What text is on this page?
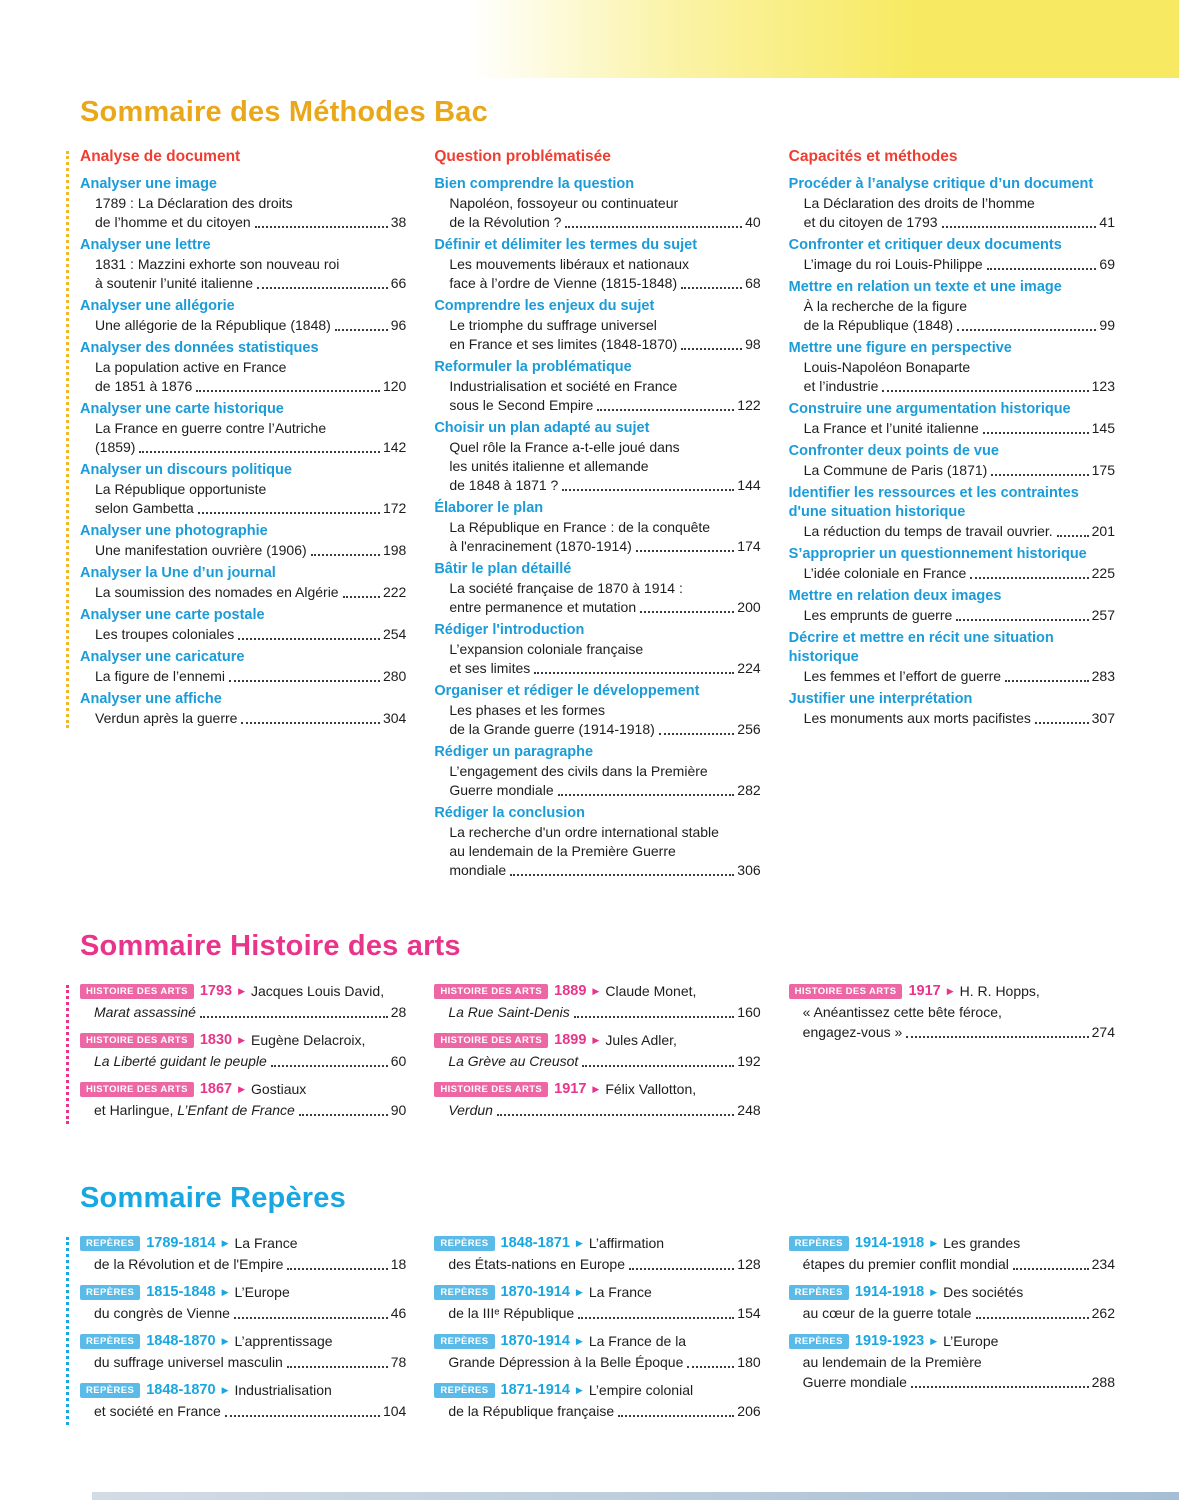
Sommaire des Méthodes Bac
Analyse de document
Analyser une image
1789 : La Déclaration des droits
de l’homme et du citoyen	38
Analyser une lettre
1831 : Mazzini exhorte son nouveau roi
à soutenir l’unité italienne	66
Analyser une allégorie
Une allégorie de la République (1848)	96
Analyser des données statistiques
La population active en France
de 1851 à 1876	120
Analyser une carte historique
La France en guerre contre l’Autriche
(1859)	142
Analyser un discours politique
La République opportuniste
selon Gambetta	172
Analyser une photographie
Une manifestation ouvrière (1906)	198
Analyser la Une d’un journal
La soumission des nomades en Algérie	222
Analyser une carte postale
Les troupes coloniales	254
Analyser une caricature
La figure de l’ennemi	280
Analyser une affiche
Verdun après la guerre	304
Question problématisée
Bien comprendre la question
Napoléon, fossoyeur ou continuateur
de la Révolution ?	40
Définir et délimiter les termes du sujet
Les mouvements libéraux et nationaux
face à l’ordre de Vienne (1815-1848)	68
Comprendre les enjeux du sujet
Le triomphe du suffrage universel
en France et ses limites (1848-1870)	98
Reformuler la problématique
Industrialisation et société en France
sous le Second Empire	122
Choisir un plan adapté au sujet
Quel rôle la France a-t-elle joué dans
les unités italienne et allemande
de 1848 à 1871 ?	144
Élaborer le plan
La République en France : de la conquête
à l'enracinement (1870-1914)	174
Bâtir le plan détaillé
La société française de 1870 à 1914 :
entre permanence et mutation	200
Rédiger l'introduction
L’expansion coloniale française
et ses limites	224
Organiser et rédiger le développement
Les phases et les formes
de la Grande guerre (1914-1918)	256
Rédiger un paragraphe
L’engagement des civils dans la Première
Guerre mondiale	282
Rédiger la conclusion
La recherche d'un ordre international stable
au lendemain de la Première Guerre
mondiale	306
Capacités et méthodes
Procéder à l’analyse critique d’un document
La Déclaration des droits de l’homme
et du citoyen de 1793	41
Confronter et critiquer deux documents
L’image du roi Louis-Philippe	69
Mettre en relation un texte et une image
À la recherche de la figure
de la République (1848)	99
Mettre une figure en perspective
Louis-Napoléon Bonaparte
et l’industrie	123
Construire une argumentation historique
La France et l’unité italienne	145
Confronter deux points de vue
La Commune de Paris (1871)	175
Identifier les ressources et les contraintes d'une situation historique
La réduction du temps de travail ouvrier.	201
S’approprier un questionnement historique
L’idée coloniale en France	225
Mettre en relation deux images
Les emprunts de guerre	257
Décrire et mettre en récit une situation historique
Les femmes et l’effort de guerre	283
Justifier une interprétation
Les monuments aux morts pacifistes	307
Sommaire Histoire des arts
HISTOIRE DES ARTS 1793 ▶ Jacques Louis David,
Marat assassiné	28
HISTOIRE DES ARTS 1830 ▶ Eugène Delacroix,
La Liberté guidant le peuple	60
HISTOIRE DES ARTS 1867 ▶ Gostiaux
et Harlingue, L’Enfant de France	90
HISTOIRE DES ARTS 1889 ▶ Claude Monet,
La Rue Saint-Denis	160
HISTOIRE DES ARTS 1899 ▶ Jules Adler,
La Grève au Creusot	192
HISTOIRE DES ARTS 1917 ▶ Félix Vallotton,
Verdun	248
HISTOIRE DES ARTS 1917 ▶ H. R. Hopps,
« Anéantissez cette bête féroce,
engagez-vous »	274
Sommaire Repères
REPÈRES 1789-1814 ▶ La France
de la Révolution et de l'Empire	18
REPÈRES 1815-1848 ▶ L’Europe
du congrès de Vienne	46
REPÈRES 1848-1870 ▶ L’apprentissage
du suffrage universel masculin	78
REPÈRES 1848-1870 ▶ Industrialisation
et société en France	104
REPÈRES 1848-1871 ▶ L’affirmation
des États-nations en Europe	128
REPÈRES 1870-1914 ▶ La France
de la IIIᵉ République	154
REPÈRES 1870-1914 ▶ La France de la
Grande Dépression à la Belle Époque	180
REPÈRES 1871-1914 ▶ L’empire colonial
de la République française	206
REPÈRES 1914-1918 ▶ Les grandes
étapes du premier conflit mondial	234
REPÈRES 1914-1918 ▶ Des sociétés
au cœur de la guerre totale	262
REPÈRES 1919-1923 ▶ L’Europe
au lendemain de la Première
Guerre mondiale	288
